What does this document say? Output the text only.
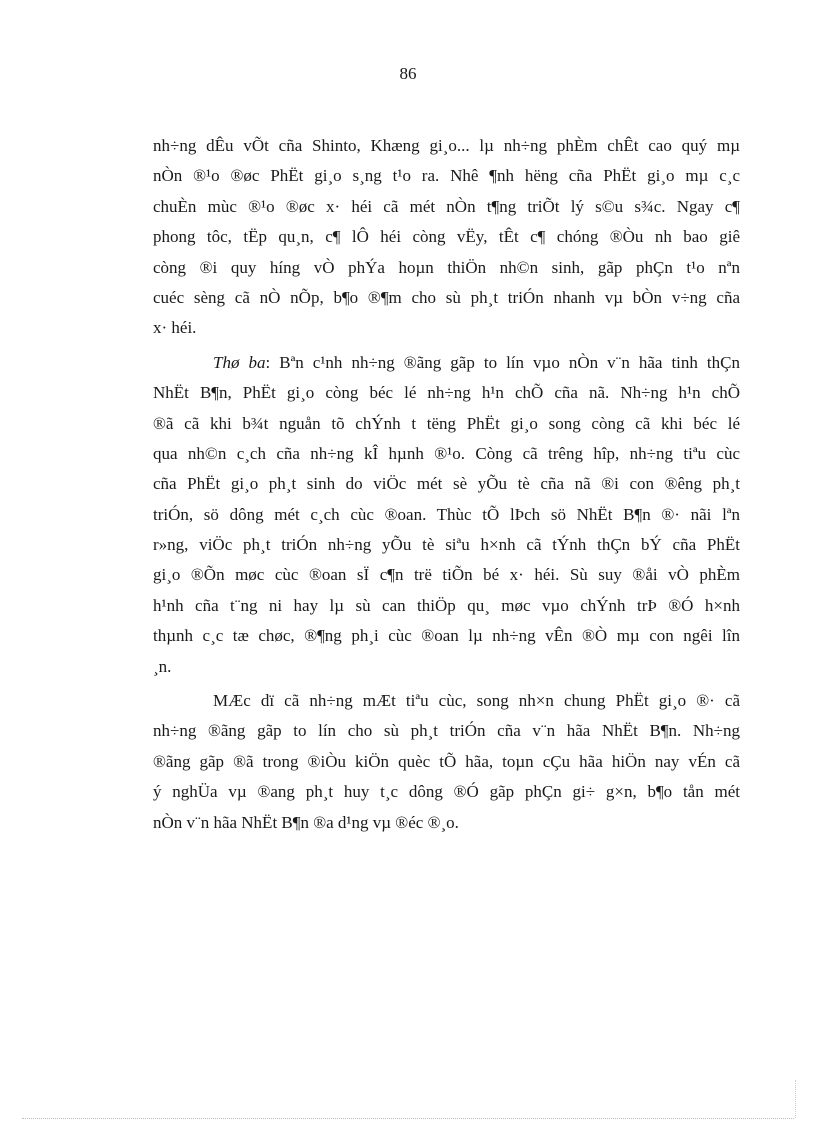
86
nh÷ng dÊu vÕt cña Shinto, Khæng gi¸o... lµ nh÷ng phÈm chÊt cao quý mµ
nÒn ®¹o ®øc PhËt gi¸o s¸ng t¹o ra. Nhê ¶nh hëng cña PhËt gi¸o mµ c¸c
chuÈn mùc ®¹o ®øc x· héi cã mét nÒn t¶ng triÕt lý s©u s¾c. Ngay c¶
phong tôc, tËp qu¸n, c¶ lÔ héi còng vËy, tÊt c¶ chóng ®Òu nh bao giê
còng ®i quy híng vÒ phÝa hoµn thiÖn nh©n sinh, gãp phÇn t¹o nªn
cuéc sèng cã nÒ nÕp, b¶o ®¶m cho sù ph¸t triÓn nhanh vµ bÒn v÷ng cña
x· héi.
Thø ba: Bªn c¹nh nh÷ng ®ãng gãp to lín vµo nÒn v¨n hãa tinh thÇn
NhËt B¶n, PhËt gi¸o còng béc lé nh÷ng h¹n chÕ cña nã. Nh÷ng h¹n chÕ
®ã cã khi b¾t nguån tõ chÝnh t tëng PhËt gi¸o song còng cã khi béc lé
qua nh©n c¸ch cña nh÷ng kÎ hµnh ®¹o. Còng cã trêng hîp, nh÷ng tiªu cùc
cña PhËt gi¸o ph¸t sinh do viÖc mét sè yÕu tè cña nã ®i con ®êng ph¸t
triÓn, sö dông mét c¸ch cùc ®oan. Thùc tÕ lÞch sö NhËt B¶n ®· nãi lªn
r»ng, viÖc ph¸t triÓn nh÷ng yÕu tè siªu h×nh cã tÝnh thÇn bÝ cña PhËt
gi¸o ®Õn møc cùc ®oan sÏ c¶n trë tiÕn bé x· héi. Sù suy ®åi vÒ phÈm
h¹nh cña t¨ng ni hay lµ sù can thiÖp qu¸ møc vµo chÝnh trÞ ®Ó h×nh
thµnh c¸c tæ chøc, ®¶ng ph¸i cùc ®oan lµ nh÷ng vÊn ®Ò mµ con ngêi lîn
¸n.
MÆc dï cã nh÷ng mÆt tiªu cùc, song nh×n chung PhËt gi¸o ®· cã
nh÷ng ®ãng gãp to lín cho sù ph¸t triÓn cña v¨n hãa NhËt B¶n. Nh÷ng
®ãng gãp ®ã trong ®iÒu kiÖn quèc tÕ hãa, toµn cÇu hãa hiÖn nay vÉn cã
ý nghÜa vµ ®ang ph¸t huy t¸c dông ®Ó gãp phÇn gi÷ g×n, b¶o tån mét
nÒn v¨n hãa NhËt B¶n ®a d¹ng vµ ®éc ®¸o.
